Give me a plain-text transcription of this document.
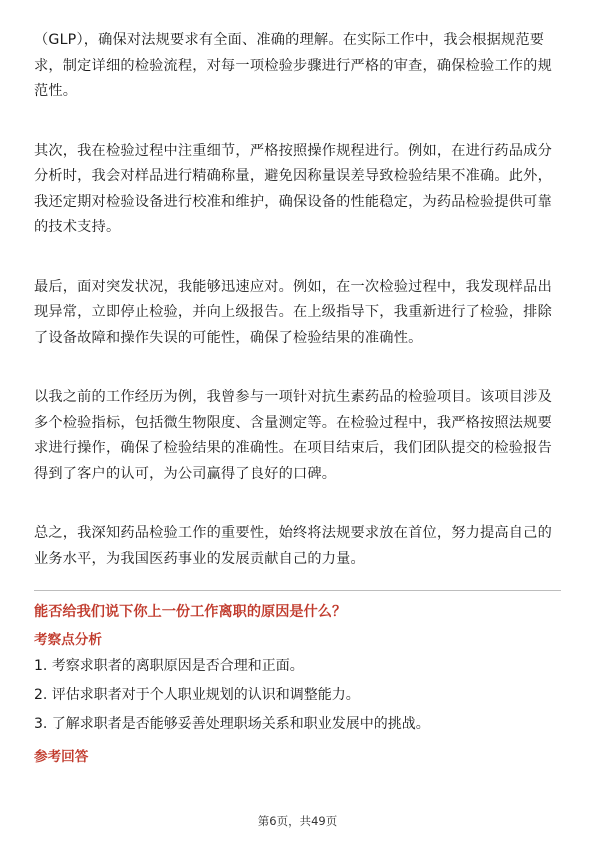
（GLP），确保对法规要求有全面、准确的理解。在实际工作中，我会根据规范要求，制定详细的检验流程，对每一项检验步骤进行严格的审查，确保检验工作的规范性。

其次，我在检验过程中注重细节，严格按照操作规程进行。例如，在进行药品成分分析时，我会对样品进行精确称量，避免因称量误差导致检验结果不准确。此外，我还定期对检验设备进行校准和维护，确保设备的性能稳定，为药品检验提供可靠的技术支持。

最后，面对突发状况，我能够迅速应对。例如，在一次检验过程中，我发现样品出现异常，立即停止检验，并向上级报告。在上级指导下，我重新进行了检验，排除了设备故障和操作失误的可能性，确保了检验结果的准确性。

以我之前的工作经历为例，我曾参与一项针对抗生素药品的检验项目。该项目涉及多个检验指标，包括微生物限度、含量测定等。在检验过程中，我严格按照法规要求进行操作，确保了检验结果的准确性。在项目结束后，我们团队提交的检验报告得到了客户的认可，为公司赢得了良好的口碑。

总之，我深知药品检验工作的重要性，始终将法规要求放在首位，努力提高自己的业务水平，为我国医药事业的发展贡献自己的力量。

能否给我们说下你上一份工作离职的原因是什么？
考察点分析
1. 考察求职者的离职原因是否合理和正面。
2. 评估求职者对于个人职业规划的认识和调整能力。
3. 了解求职者是否能够妥善处理职场关系和职业发展中的挑战。
参考回答
第6页，共49页
